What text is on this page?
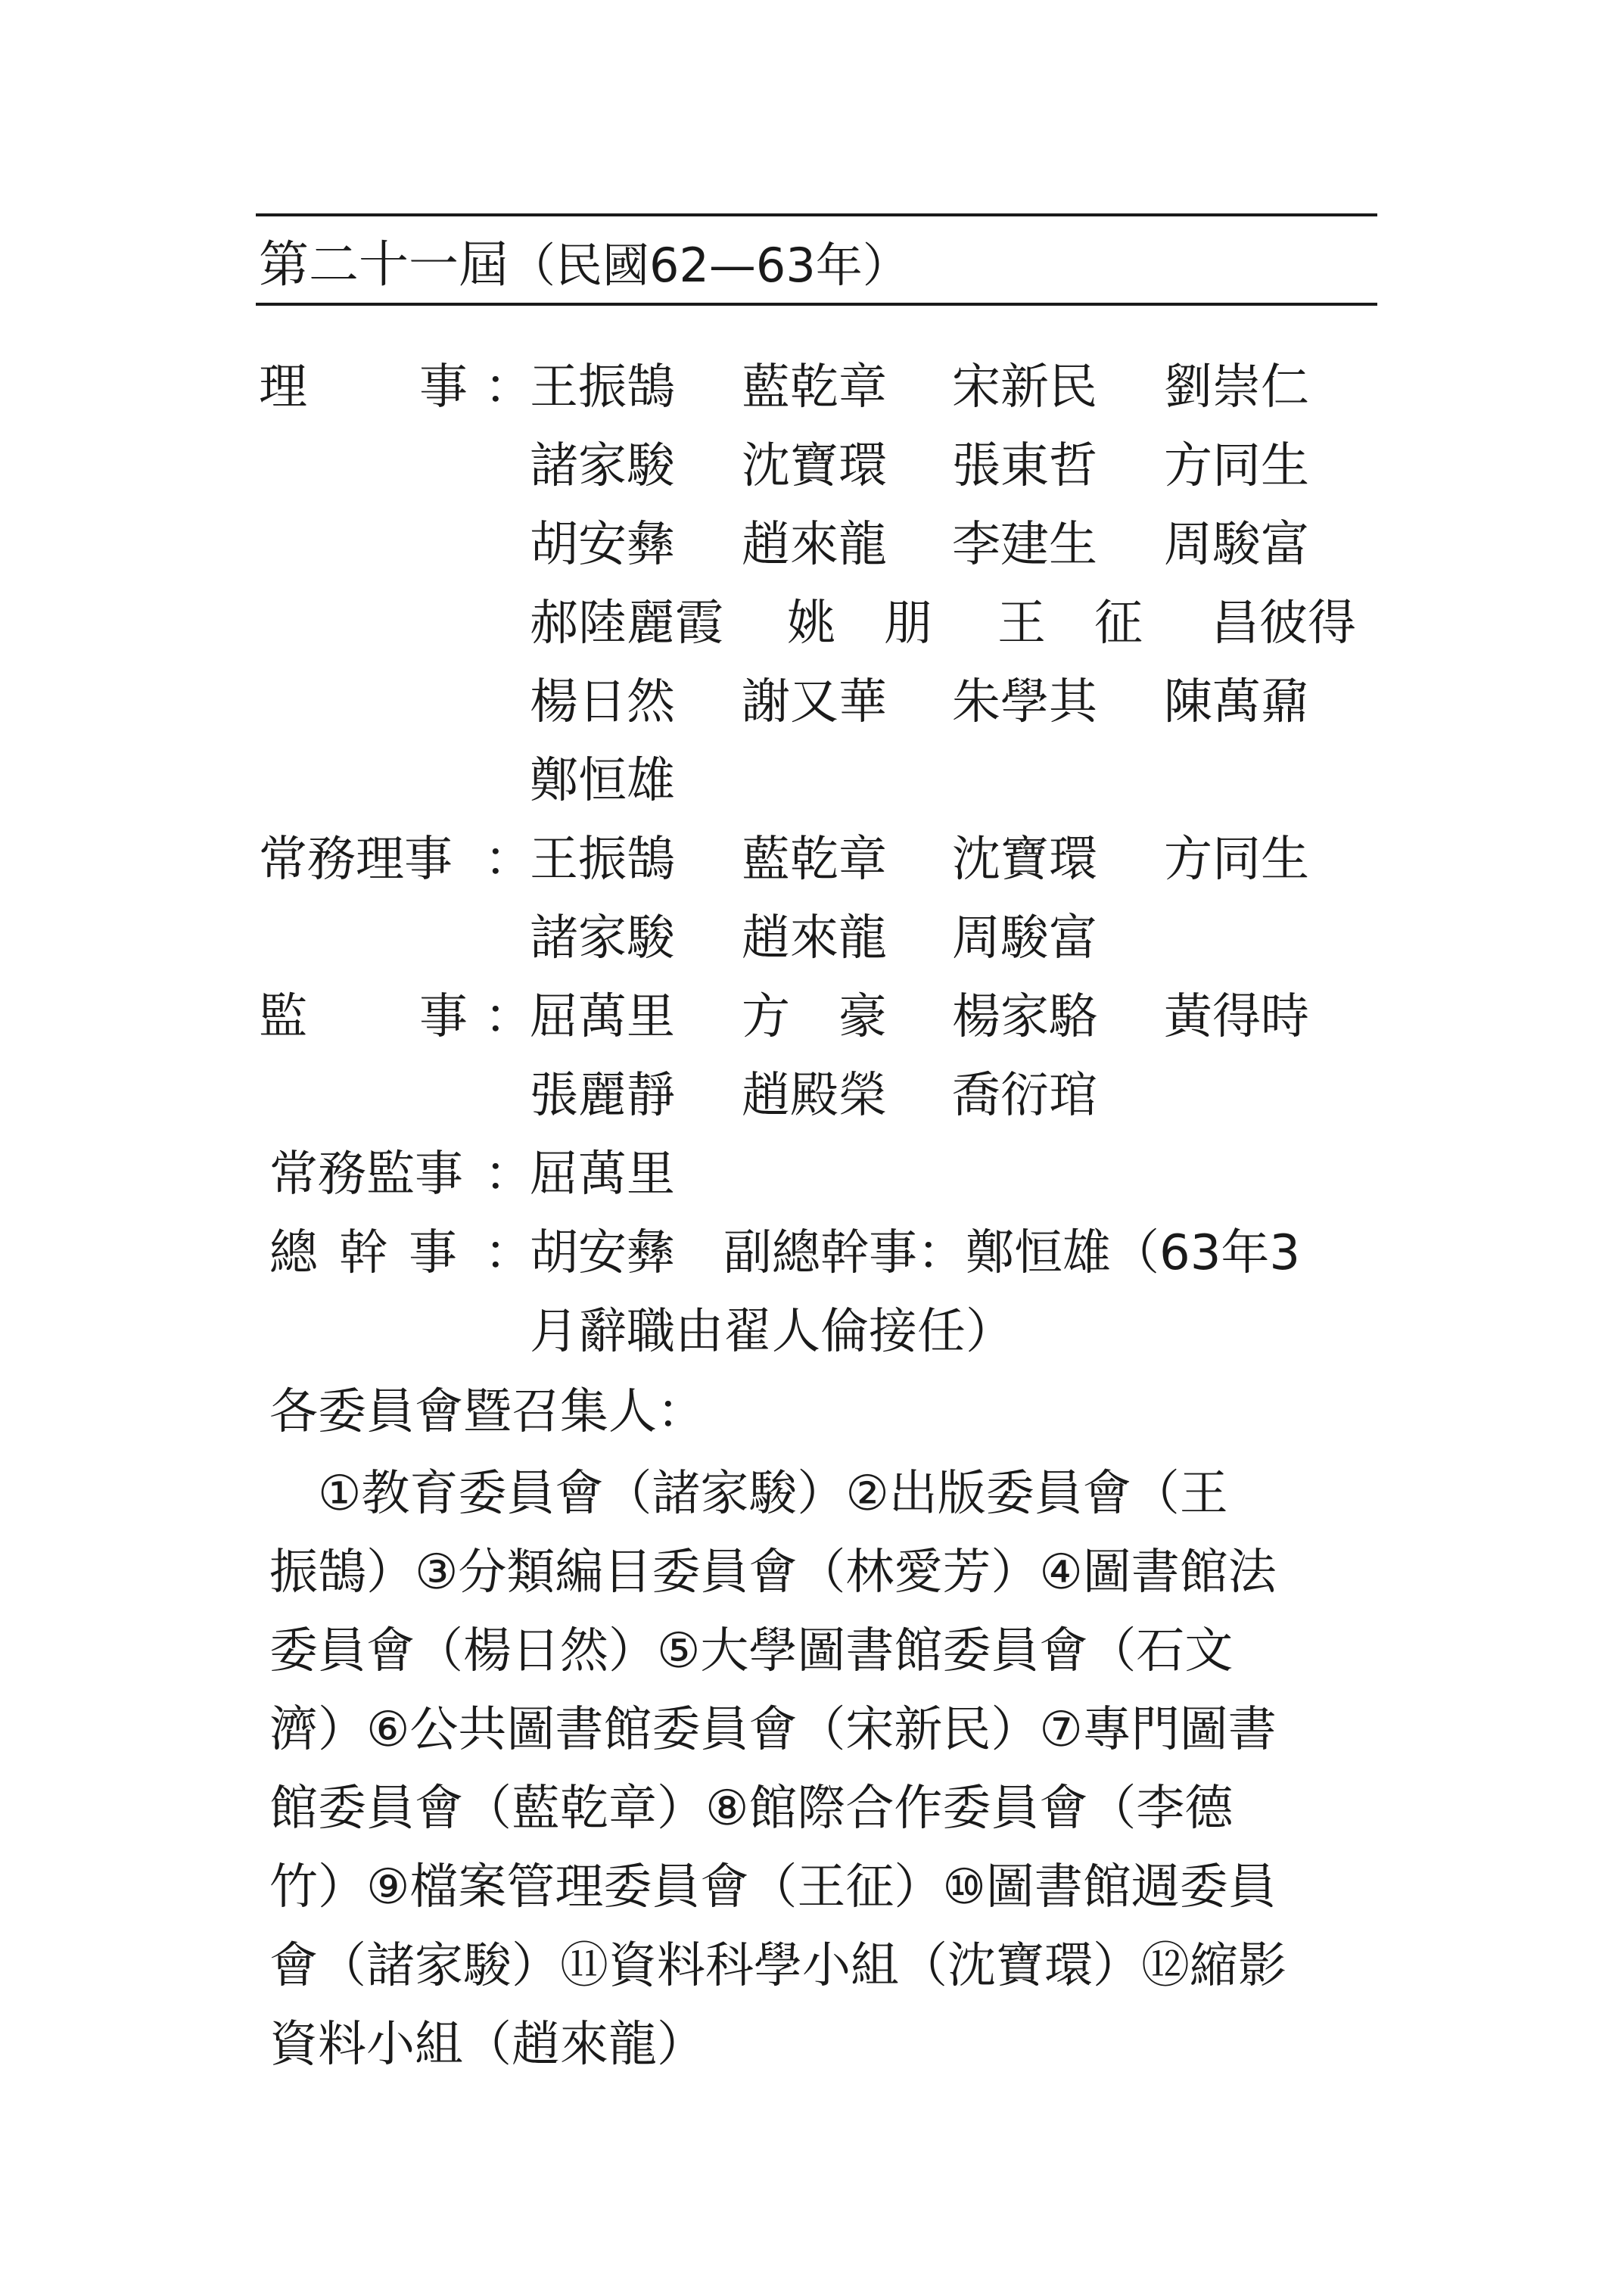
第二十一屆（民國62—63年）
理 事 ：
王振鵠 藍乾章 宋新民 劉崇仁
諸家駿 沈寶環 張東哲 方同生
胡安彝 趙來龍 李建生 周駿富
郝陸麗霞 姚　朋 王　征 昌彼得
楊日然 謝又華 朱學其 陳萬鼐
鄭恒雄
常務理事 ：
王振鵠 藍乾章 沈寶環 方同生
諸家駿 趙來龍 周駿富
監 事 ：
屈萬里 方　豪 楊家駱 黃得時
張麗靜 趙殿榮 喬衍琯
常務監事 ：
屈萬里
總幹事 ：
胡安彝　副總幹事：鄭恒雄（63年3
月辭職由翟人倫接任）
各委員會暨召集人：
　①教育委員會（諸家駿）②出版委員會（王
振鵠）③分類編目委員會（林愛芳）④圖書館法
委員會（楊日然）⑤大學圖書館委員會（石文
濟）⑥公共圖書館委員會（宋新民）⑦專門圖書
館委員會（藍乾章）⑧館際合作委員會（李德
竹）⑨檔案管理委員會（王征）⑩圖書館週委員
會（諸家駿）⑪資料科學小組（沈寶環）⑫縮影
資料小組（趙來龍）
